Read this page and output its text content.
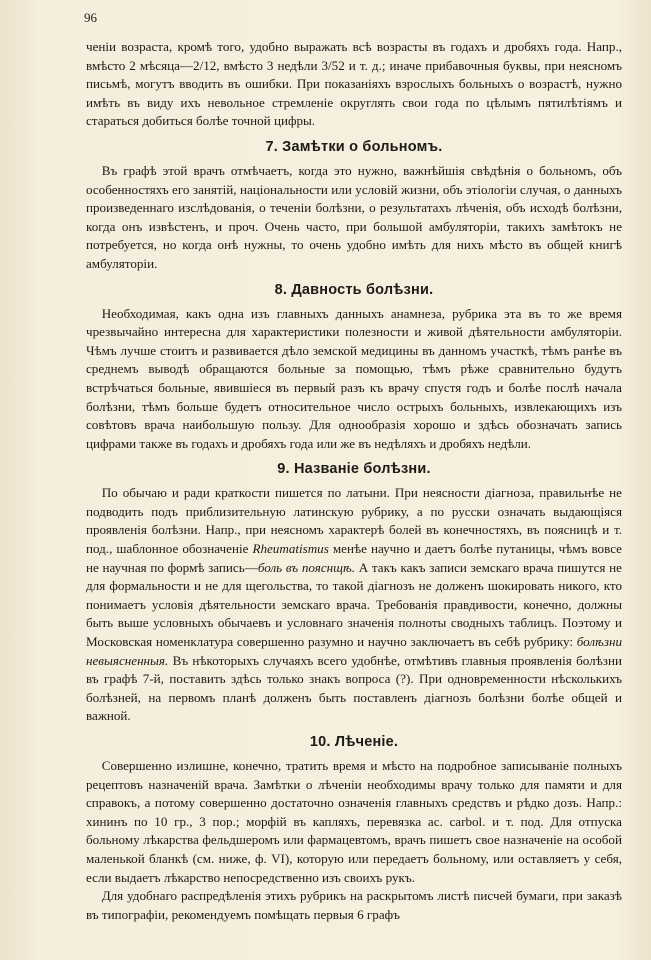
96

ченіи возраста, кромѣ того, удобно выражать всѣ возрасты въ годахъ и дробяхъ года. Напр., вмѣсто 2 мѣсяца—2/12, вмѣсто 3 недѣли 3/52 и т. д.; иначе прибавочныя буквы, при неясномъ письмѣ, могутъ вводить въ ошибки. При показаніяхъ взрослыхъ больныхъ о возрастѣ, нужно имѣть въ виду ихъ невольное стремленіе округлять свои года по цѣлымъ пятилѣтіямъ и стараться добиться болѣе точной цифры.

7. Замѣтки о больномъ.

Въ графѣ этой врачъ отмѣчаетъ, когда это нужно, важнѣйшія свѣдѣнія о больномъ, объ особенностяхъ его занятій, національности или условій жизни, объ этіологіи случая, о данныхъ произведеннаго изслѣдованія, о теченіи болѣзни, о результатахъ лѣченія, объ исходѣ болѣзни, когда онъ извѣстенъ, и проч. Очень часто, при большой амбуляторіи, такихъ замѣтокъ не потребуется, но когда онѣ нужны, то очень удобно имѣть для нихъ мѣсто въ общей книгѣ амбуляторіи.

8. Давность болѣзни.

Необходимая, какъ одна изъ главныхъ данныхъ анамнеза, рубрика эта въ то же время чрезвычайно интересна для характеристики полезности и живой дѣятельности амбуляторіи. Чѣмъ лучше стоитъ и развивается дѣло земской медицины въ данномъ участкѣ, тѣмъ ранѣе въ среднемъ выводѣ обращаются больные за помощью, тѣмъ рѣже сравнительно будутъ встрѣчаться больные, явившіеся въ первый разъ къ врачу спустя годъ и болѣе послѣ начала болѣзни, тѣмъ больше будетъ относительное число острыхъ больныхъ, извлекающихъ изъ совѣтовъ врача наибольшую пользу. Для однообразія хорошо и здѣсь обозначать запись цифрами также въ годахъ и дробяхъ года или же въ недѣляхъ и дробяхъ недѣли.

9. Названіе болѣзни.

По обычаю и ради краткости пишется по латыни. При неясности діагноза, правильнѣе не подводить подъ приблизительную латинскую рубрику, а по русски означать выдающіяся проявленія болѣзни. Напр., при неясномъ характерѣ болей въ конечностяхъ, въ поясницѣ и т. под., шаблонное обозначеніе Rheumatismus менѣе научно и даетъ болѣе путаницы, чѣмъ вовсе не научная по формѣ запись—боль въ пояснщѣ. А такъ какъ записи земскаго врача пишутся не для формальности и не для щегольства, то такой діагнозъ не долженъ шокировать никого, кто понимаетъ условія дѣятельности земскаго врача. Требованія правдивости, конечно, должны быть выше условныхъ обычаевъ и условнаго значенія полноты сводныхъ таблицъ. Поэтому и Московская номенклатура совершенно разумно и научно заключаетъ въ себѣ рубрику: болѣзни невыясненныя. Въ нѣкоторыхъ случаяхъ всего удобнѣе, отмѣтивъ главныя проявленія болѣзни въ графѣ 7-й, поставить здѣсь только знакъ вопроса (?). При одновременности нѣсколькихъ болѣзней, на первомъ планѣ долженъ быть поставленъ діагнозъ болѣзни болѣе общей и важной.

10. Лѣченіе.

Совершенно излишне, конечно, тратить время и мѣсто на подробное записываніе полныхъ рецептовъ назначеній врача. Замѣтки о лѣченіи необходимы врачу только для памяти и для справокъ, а потому совершенно достаточно означенія главныхъ средствъ и рѣдко дозъ. Напр.: хининъ по 10 гр., 3 пор.; морфій въ капляхъ, перевязка ас. carbol. и т. под. Для отпуска больному лѣкарства фельдшеромъ или фармацевтомъ, врачъ пишетъ свое назначеніе на особой маленькой бланкѣ (см. ниже, ф. VI), которую или передаетъ больному, или оставляетъ у себя, если выдаетъ лѣкарство непосредственно изъ своихъ рукъ.

Для удобнаго распредѣленія этихъ рубрикъ на раскрытомъ листѣ писчей бумаги, при заказѣ въ типографіи, рекомендуемъ помѣщать первыя 6 графъ
